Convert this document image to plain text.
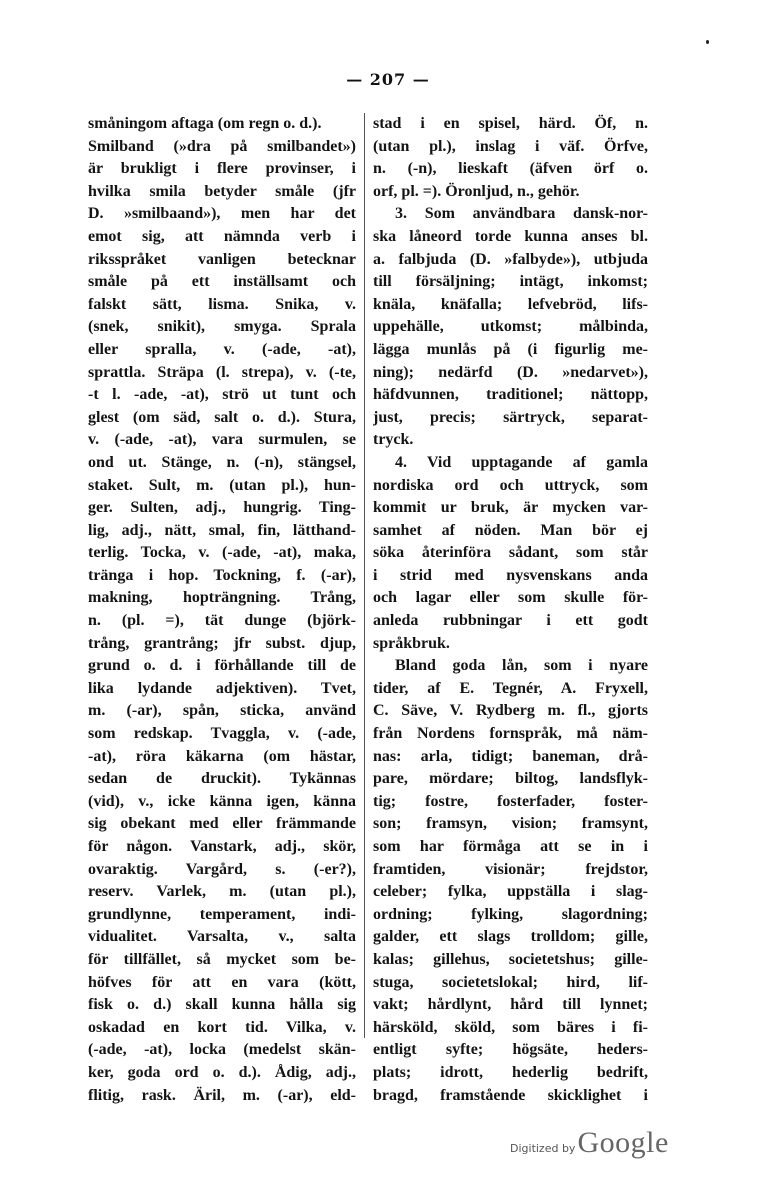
— 207 —
småningom aftaga (om regn o. d.).
Smilband (»dra på smilbandet»)
är brukligt i flere provinser, i
hvilka smila betyder småle (jfr
D. »smilbaand»), men har det
emot sig, att nämnda verb i
riksspråket vanligen betecknar
småle på ett inställsamt och
falskt sätt, lisma. Snika, v.
(snek, snikit), smyga. Sprala
eller spralla, v. (-ade, -at),
sprattla. Sträpa (l. strepa), v. (-te,
-t l. -ade, -at), strö ut tunt och
glest (om säd, salt o. d.). Stura,
v. (-ade, -at), vara surmulen, se
ond ut. Stänge, n. (-n), stängsel,
staket. Sult, m. (utan pl.), hun-
ger. Sulten, adj., hungrig. Ting-
lig, adj., nätt, smal, fin, lätthand-
terlig. Tocka, v. (-ade, -at), maka,
tränga i hop. Tockning, f. (-ar),
makning, hopträngning. Trång,
n. (pl. =), tät dunge (björk-
trång, grantrång; jfr subst. djup,
grund o. d. i förhållande till de
lika lydande adjektiven). Tvet,
m. (-ar), spån, sticka, använd
som redskap. Tvaggla, v. (-ade,
-at), röra käkarna (om hästar,
sedan de druckit). Tykännas
(vid), v., icke känna igen, känna
sig obekant med eller främmande
för någon. Vanstark, adj., skör,
ovaraktig. Vargård, s. (-er?),
reserv. Varlek, m. (utan pl.),
grundlynne, temperament, indi-
vidualitet. Varsalta, v., salta
för tillfället, så mycket som be-
höfves för att en vara (kött,
fisk o. d.) skall kunna hålla sig
oskadad en kort tid. Vilka, v.
(-ade, -at), locka (medelst skän-
ker, goda ord o. d.). Ådig, adj.,
flitig, rask. Äril, m. (-ar), eld-
stad i en spisel, härd. Öf, n.
(utan pl.), inslag i väf. Örfve,
n. (-n), lieskaft (äfven örf o.
orf, pl. =). Öronljud, n., gehör.
3. Som användbara dansk-nor-
ska låneord torde kunna anses bl.
a. falbjuda (D. »falbyde»), utbjuda
till försäljning; intägt, inkomst;
knäla, knäfalla; lefvebröd, lifs-
uppehälle, utkomst; målbinda,
lägga munlås på (i figurlig me-
ning); nedärfd (D. »nedarvet»),
häfdvunnen, traditionel; nättopp,
just, precis; särtryck, separat-
tryck.
4. Vid upptagande af gamla
nordiska ord och uttryck, som
kommit ur bruk, är mycken var-
samhet af nöden. Man bör ej
söka återinföra sådant, som står
i strid med nysvenskans anda
och lagar eller som skulle för-
anleda rubbningar i ett godt
språkbruk.
Bland goda lån, som i nyare
tider, af E. Tegnér, A. Fryxell,
C. Säve, V. Rydberg m. fl., gjorts
från Nordens fornspråk, må näm-
nas: arla, tidigt; baneman, drå-
pare, mördare; biltog, landsflyk-
tig; fostre, fosterfader, foster-
son; framsyn, vision; framsynt,
som har förmåga att se in i
framtiden, visionär; frejdstor,
celeber; fylka, uppställa i slag-
ordning; fylking, slagordning;
galder, ett slags trolldom; gille,
kalas; gillehus, societetshus; gille-
stuga, societetslokal; hird, lif-
vakt; hårdlynt, hård till lynnet;
härsköld, sköld, som bäres i fi-
entligt syfte; högsäte, heders-
plats; idrott, hederlig bedrift,
bragd, framstående skicklighet i
Digitized by Google
